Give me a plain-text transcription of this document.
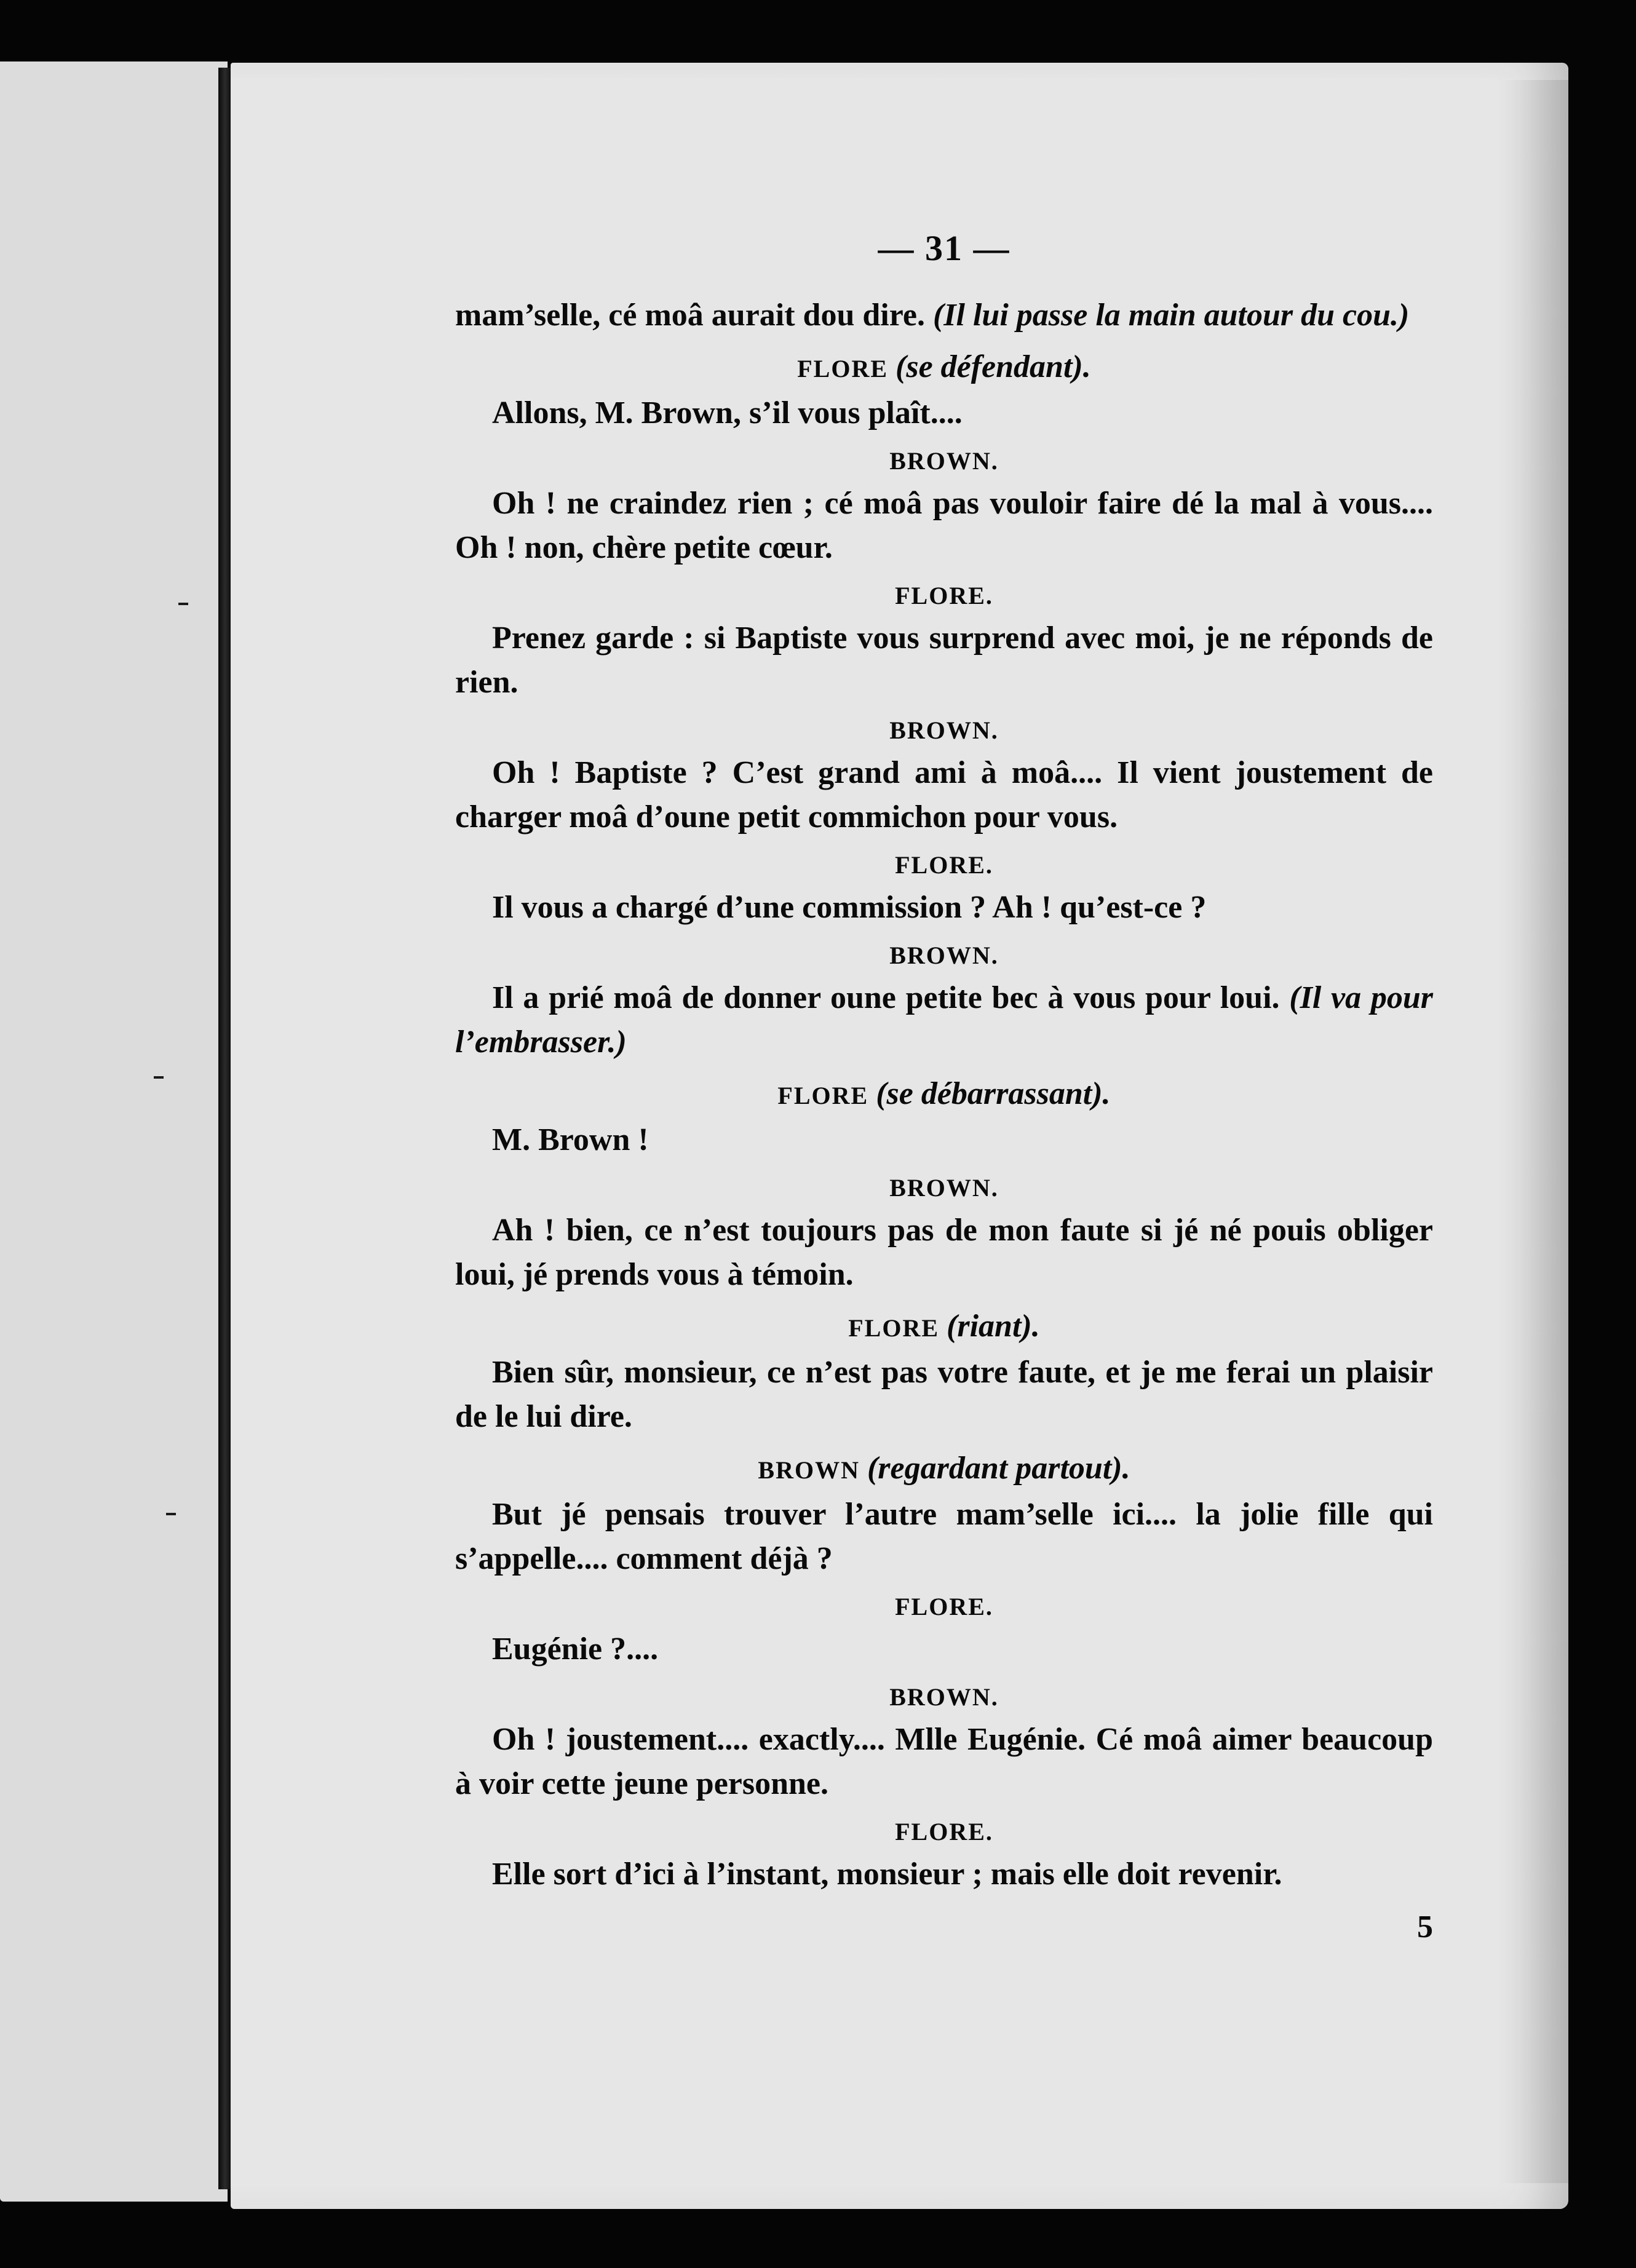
— 31 —

mam’selle, cé moâ aurait dou dire. (Il lui passe la main autour du cou.)

FLORE (se défendant).

Allons, M. Brown, s’il vous plaît....

BROWN.

Oh ! ne craindez rien ; cé moâ pas vouloir faire dé la mal à vous.... Oh ! non, chère petite cœur.

FLORE.

Prenez garde : si Baptiste vous surprend avec moi, je ne réponds de rien.

BROWN.

Oh ! Baptiste ? C’est grand ami à moâ.... Il vient joustement de charger moâ d’oune petit commichon pour vous.

FLORE.

Il vous a chargé d’une commission ? Ah ! qu’est-ce ?

BROWN.

Il a prié moâ de donner oune petite bec à vous pour loui. (Il va pour l’embrasser.)

FLORE (se débarrassant).

M. Brown !

BROWN.

Ah ! bien, ce n’est toujours pas de mon faute si jé né pouis obliger loui, jé prends vous à témoin.

FLORE (riant).

Bien sûr, monsieur, ce n’est pas votre faute, et je me ferai un plaisir de le lui dire.

BROWN (regardant partout).

But jé pensais trouver l’autre mam’selle ici.... la jolie fille qui s’appelle.... comment déjà ?

FLORE.

Eugénie ?....

BROWN.

Oh ! joustement.... exactly.... Mlle Eugénie. Cé moâ aimer beaucoup à voir cette jeune personne.

FLORE.

Elle sort d’ici à l’instant, monsieur ; mais elle doit revenir.

5
